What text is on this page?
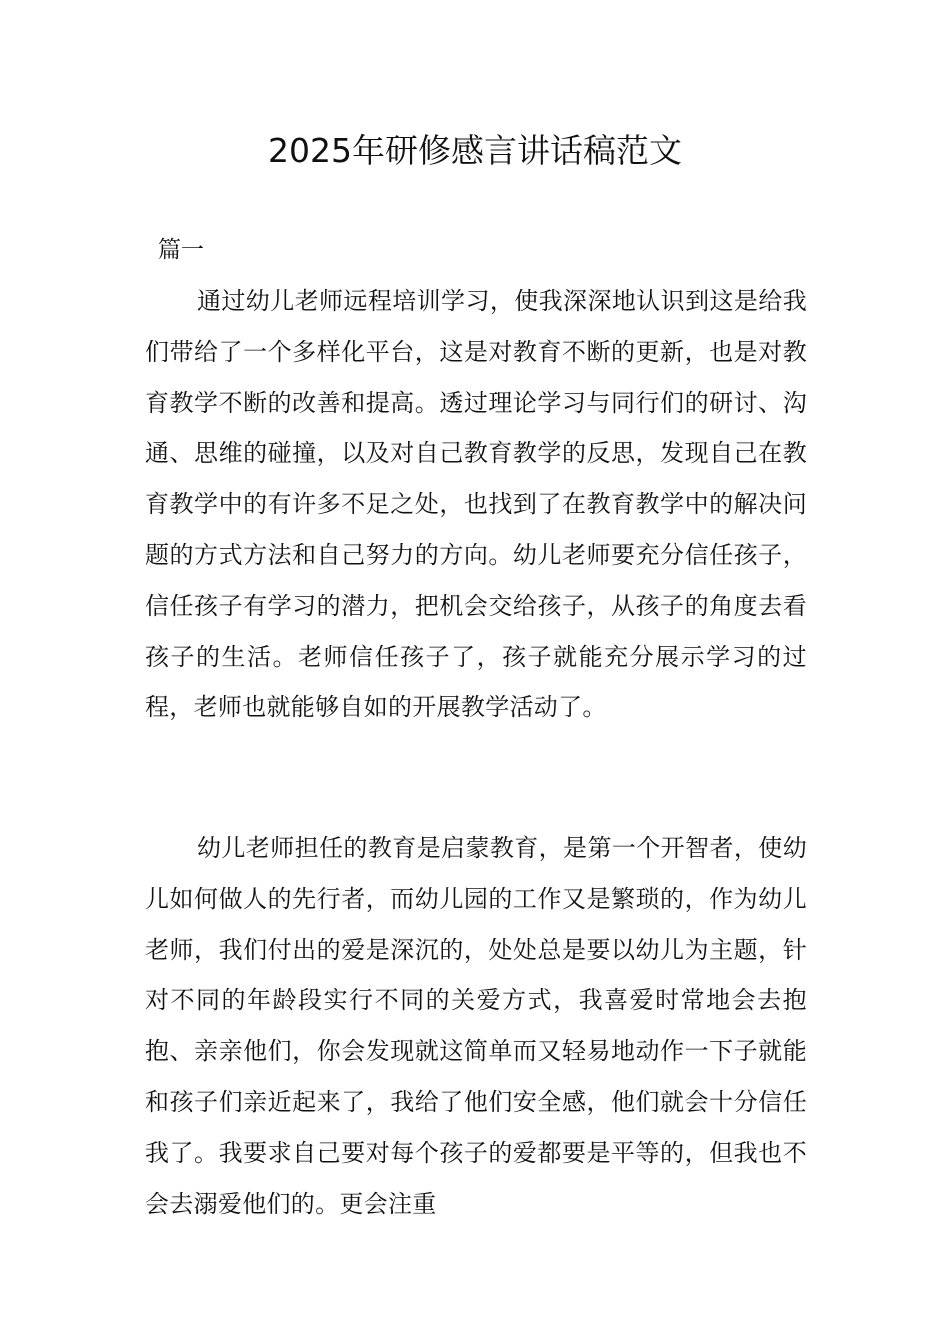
2025年研修感言讲话稿范文

篇一

通过幼儿老师远程培训学习，使我深深地认识到这是给我们带给了一个多样化平台，这是对教育不断的更新，也是对教育教学不断的改善和提高。透过理论学习与同行们的研讨、沟通、思维的碰撞，以及对自己教育教学的反思，发现自己在教育教学中的有许多不足之处，也找到了在教育教学中的解决问题的方式方法和自己努力的方向。幼儿老师要充分信任孩子，信任孩子有学习的潜力，把机会交给孩子，从孩子的角度去看孩子的生活。老师信任孩子了，孩子就能充分展示学习的过程，老师也就能够自如的开展教学活动了。

幼儿老师担任的教育是启蒙教育，是第一个开智者，使幼儿如何做人的先行者，而幼儿园的工作又是繁琐的，作为幼儿老师，我们付出的爱是深沉的，处处总是要以幼儿为主题，针对不同的年龄段实行不同的关爱方式，我喜爱时常地会去抱抱、亲亲他们，你会发现就这简单而又轻易地动作一下子就能和孩子们亲近起来了，我给了他们安全感，他们就会十分信任我了。我要求自己要对每个孩子的爱都要是平等的，但我也不会去溺爱他们的。更会注重
